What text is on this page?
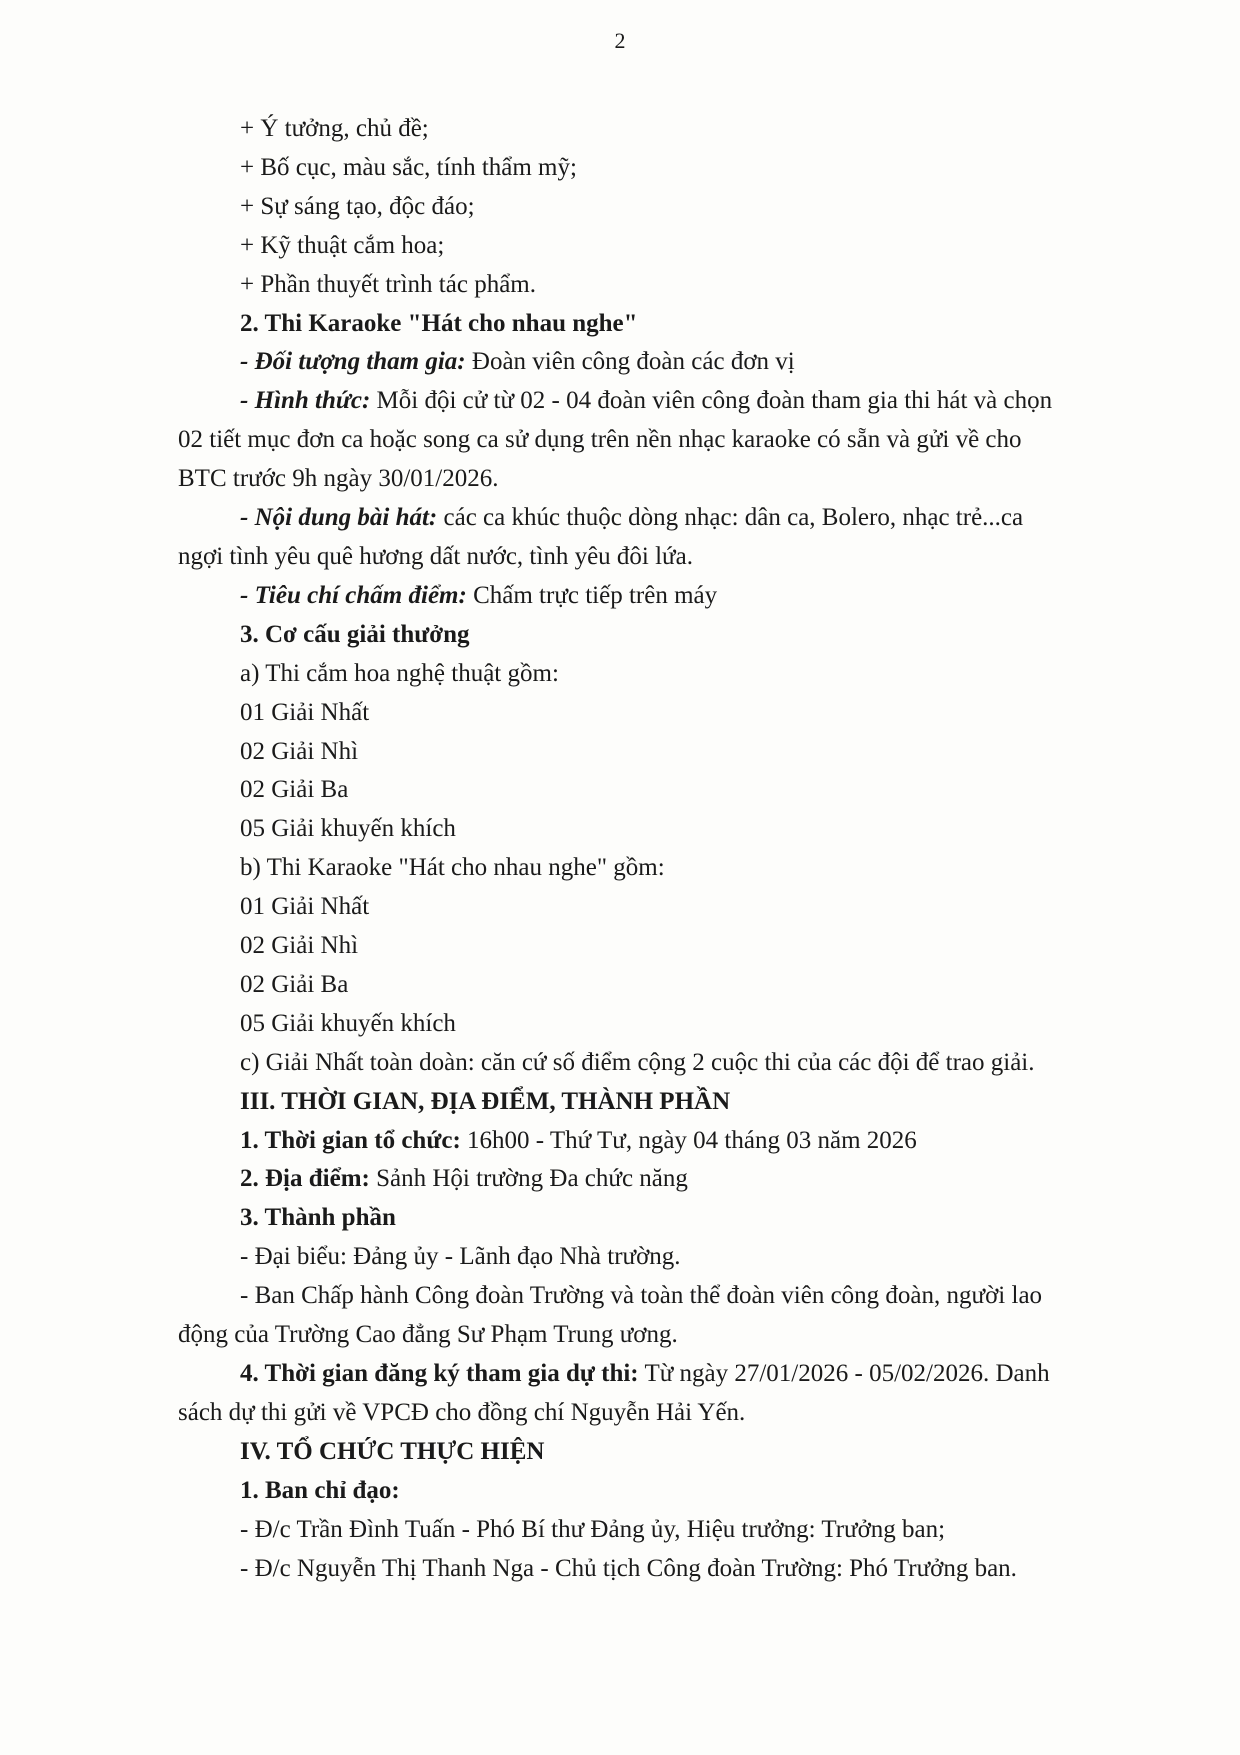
2
+ Ý tưởng, chủ đề;
+ Bố cục, màu sắc, tính thẩm mỹ;
+ Sự sáng tạo, độc đáo;
+ Kỹ thuật cắm hoa;
+ Phần thuyết trình tác phẩm.
2. Thi Karaoke "Hát cho nhau nghe"
- Đối tượng tham gia: Đoàn viên công đoàn các đơn vị
- Hình thức: Mỗi đội cử từ 02 - 04 đoàn viên công đoàn tham gia thi hát và chọn
02 tiết mục đơn ca hoặc song ca sử dụng trên nền nhạc karaoke có sẵn và gửi về cho
BTC trước 9h ngày 30/01/2026.
- Nội dung bài hát: các ca khúc thuộc dòng nhạc: dân ca, Bolero, nhạc trẻ...ca
ngợi tình yêu quê hương dất nước, tình yêu đôi lứa.
- Tiêu chí chấm điểm: Chấm trực tiếp trên máy
3. Cơ cấu giải thưởng
a) Thi cắm hoa nghệ thuật gồm:
01 Giải Nhất
02 Giải Nhì
02 Giải Ba
05 Giải khuyến khích
b) Thi Karaoke "Hát cho nhau nghe" gồm:
01 Giải Nhất
02 Giải Nhì
02 Giải Ba
05 Giải khuyến khích
c) Giải Nhất toàn doàn: căn cứ số điểm cộng 2 cuộc thi của các đội để trao giải.
III. THỜI GIAN, ĐỊA ĐIỂM, THÀNH PHẦN
1. Thời gian tổ chức: 16h00 - Thứ Tư, ngày 04 tháng 03 năm 2026
2. Địa điểm: Sảnh Hội trường Đa chức năng
3. Thành phần
- Đại biểu: Đảng ủy - Lãnh đạo Nhà trường.
- Ban Chấp hành Công đoàn Trường và toàn thể đoàn viên công đoàn, người lao
động của Trường Cao đẳng Sư Phạm Trung ương.
4. Thời gian đăng ký tham gia dự thi: Từ ngày 27/01/2026 - 05/02/2026. Danh
sách dự thi gửi về VPCĐ cho đồng chí Nguyễn Hải Yến.
IV. TỔ CHỨC THỰC HIỆN
1. Ban chỉ đạo:
- Đ/c Trần Đình Tuấn - Phó Bí thư Đảng ủy, Hiệu trưởng: Trưởng ban;
- Đ/c Nguyễn Thị Thanh Nga - Chủ tịch Công đoàn Trường: Phó Trưởng ban.
